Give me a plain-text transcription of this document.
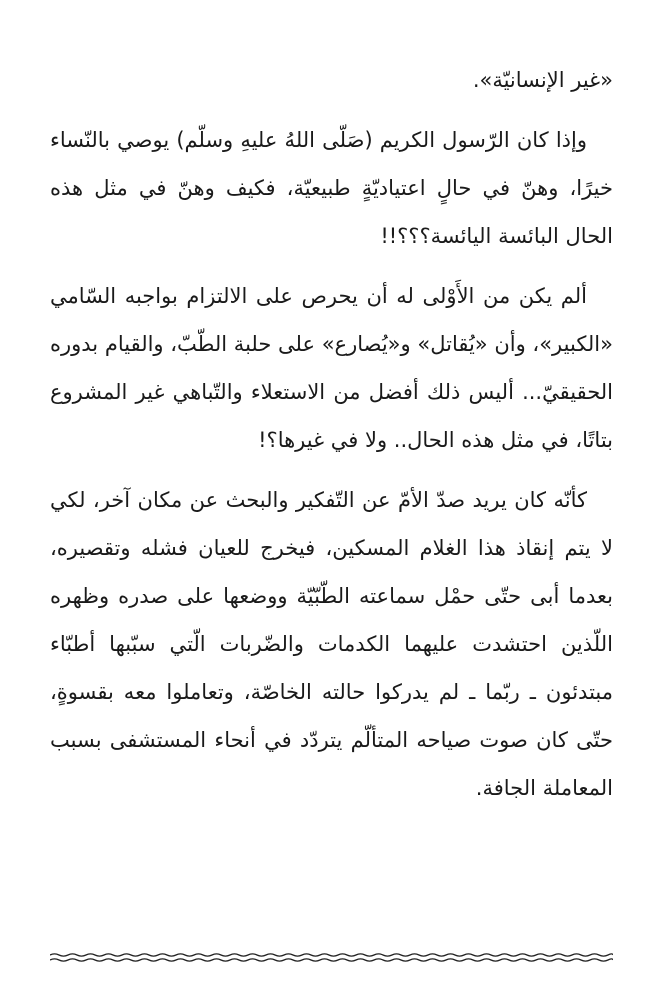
«غير الإنسانيّة».

وإذا كان الرّسول الكريم (صَلّى اللهُ عليهِ وسلّم) يوصي بالنّساء خيرًا، وهنّ في حالٍ اعتياديّةٍ طبيعيّة، فكيف وهنّ في مثل هذه الحال البائسة اليائسة؟؟؟!!

ألم يكن من الأَوْلى له أن يحرص على الالتزام بواجبه السّامي «الكبير»، وأن «يُقاتل» و«يُصارع» على حلبة الطّبّ، والقيام بدوره الحقيقيّ... أليس ذلك أفضل من الاستعلاء والتّباهي غير المشروع بتاتًا، في مثل هذه الحال.. ولا في غيرها؟!

كأنّه كان يريد صدّ الأمّ عن التّفكير والبحث عن مكان آخر، لكي لا يتم إنقاذ هذا الغلام المسكين، فيخرج للعيان فشله وتقصيره، بعدما أبى حتّى حمْل سماعته الطّبّيّة ووضعها على صدره وظهره اللّذين احتشدت عليهما الكدمات والضّربات الّتي سبّبها أطبّاء مبتدئون ـ ربّما ـ لم يدركوا حالته الخاصّة، وتعاملوا معه بقسوةٍ، حتّى كان صوت صياحه المتألّم يتردّد في أنحاء المستشفى بسبب المعاملة الجافة.
